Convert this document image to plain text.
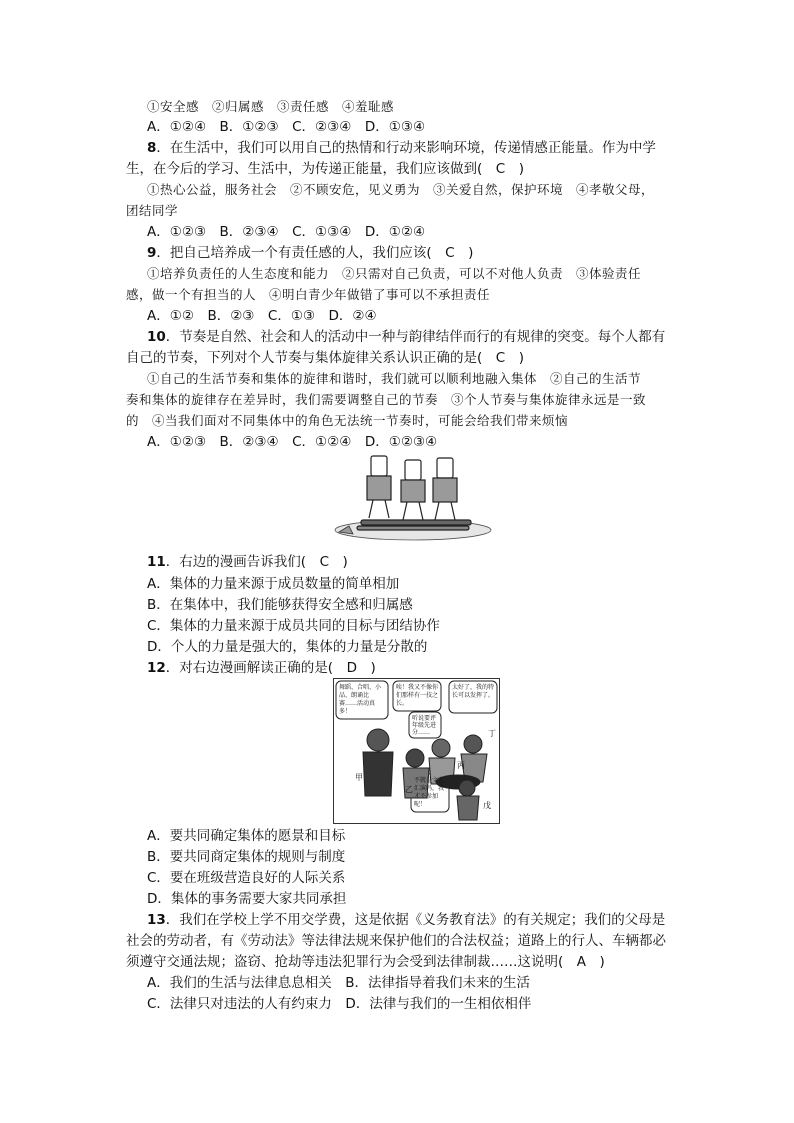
①安全感　②归属感　③责任感　④羞耻感
A．①②④　B．①②③　C．②③④　D．①③④
8．在生活中，我们可以用自己的热情和行动来影响环境，传递情感正能量。作为中学
生，在今后的学习、生活中，为传递正能量，我们应该做到(　C　)
①热心公益，服务社会　②不顾安危，见义勇为　③关爱自然，保护环境　④孝敬父母，
团结同学
A．①②③　B．②③④　C．①③④　D．①②④
9．把自己培养成一个有责任感的人，我们应该(　C　)
①培养负责任的人生态度和能力　②只需对自己负责，可以不对他人负责　③体验责任
感，做一个有担当的人　④明白青少年做错了事可以不承担责任
A．①②　B．②③　C．①③　D．②④
10．节奏是自然、社会和人的活动中一种与韵律结伴而行的有规律的突变。每个人都有
自己的节奏，下列对个人节奏与集体旋律关系认识正确的是(　C　)
①自己的生活节奏和集体的旋律和谐时，我们就可以顺利地融入集体　②自己的生活节
奏和集体的旋律存在差异时，我们需要调整自己的节奏　③个人节奏与集体旋律永远是一致
的　④当我们面对不同集体中的角色无法统一节奏时，可能会给我们带来烦恼
A．①②③　B．②③④　C．①②④　D．①②③④
11．右边的漫画告诉我们(　C　)
A．集体的力量来源于成员数量的简单相加
B．在集体中，我们能够获得安全感和归属感
C．集体的力量来源于成员共同的目标与团结协作
D．个人的力量是强大的，集体的力量是分散的
12．对右边漫画解读正确的是(　D　)
舞蹈、合唱、小品、朗诵比赛……活动真多！
唉！我又不像你们那样有一技之长。
听说要评年级先进分……
太好了，我的特长可以发挥了。
不就是文艺汇演吗，我才不参加呢！
甲
乙
丙
丁
戊
A．要共同确定集体的愿景和目标
B．要共同商定集体的规则与制度
C．要在班级营造良好的人际关系
D．集体的事务需要大家共同承担
13．我们在学校上学不用交学费，这是依据《义务教育法》的有关规定；我们的父母是
社会的劳动者，有《劳动法》等法律法规来保护他们的合法权益；道路上的行人、车辆都必
须遵守交通法规；盗窃、抢劫等违法犯罪行为会受到法律制裁……这说明(　A　)
A．我们的生活与法律息息相关　B．法律指导着我们未来的生活
C．法律只对违法的人有约束力　D．法律与我们的一生相依相伴
